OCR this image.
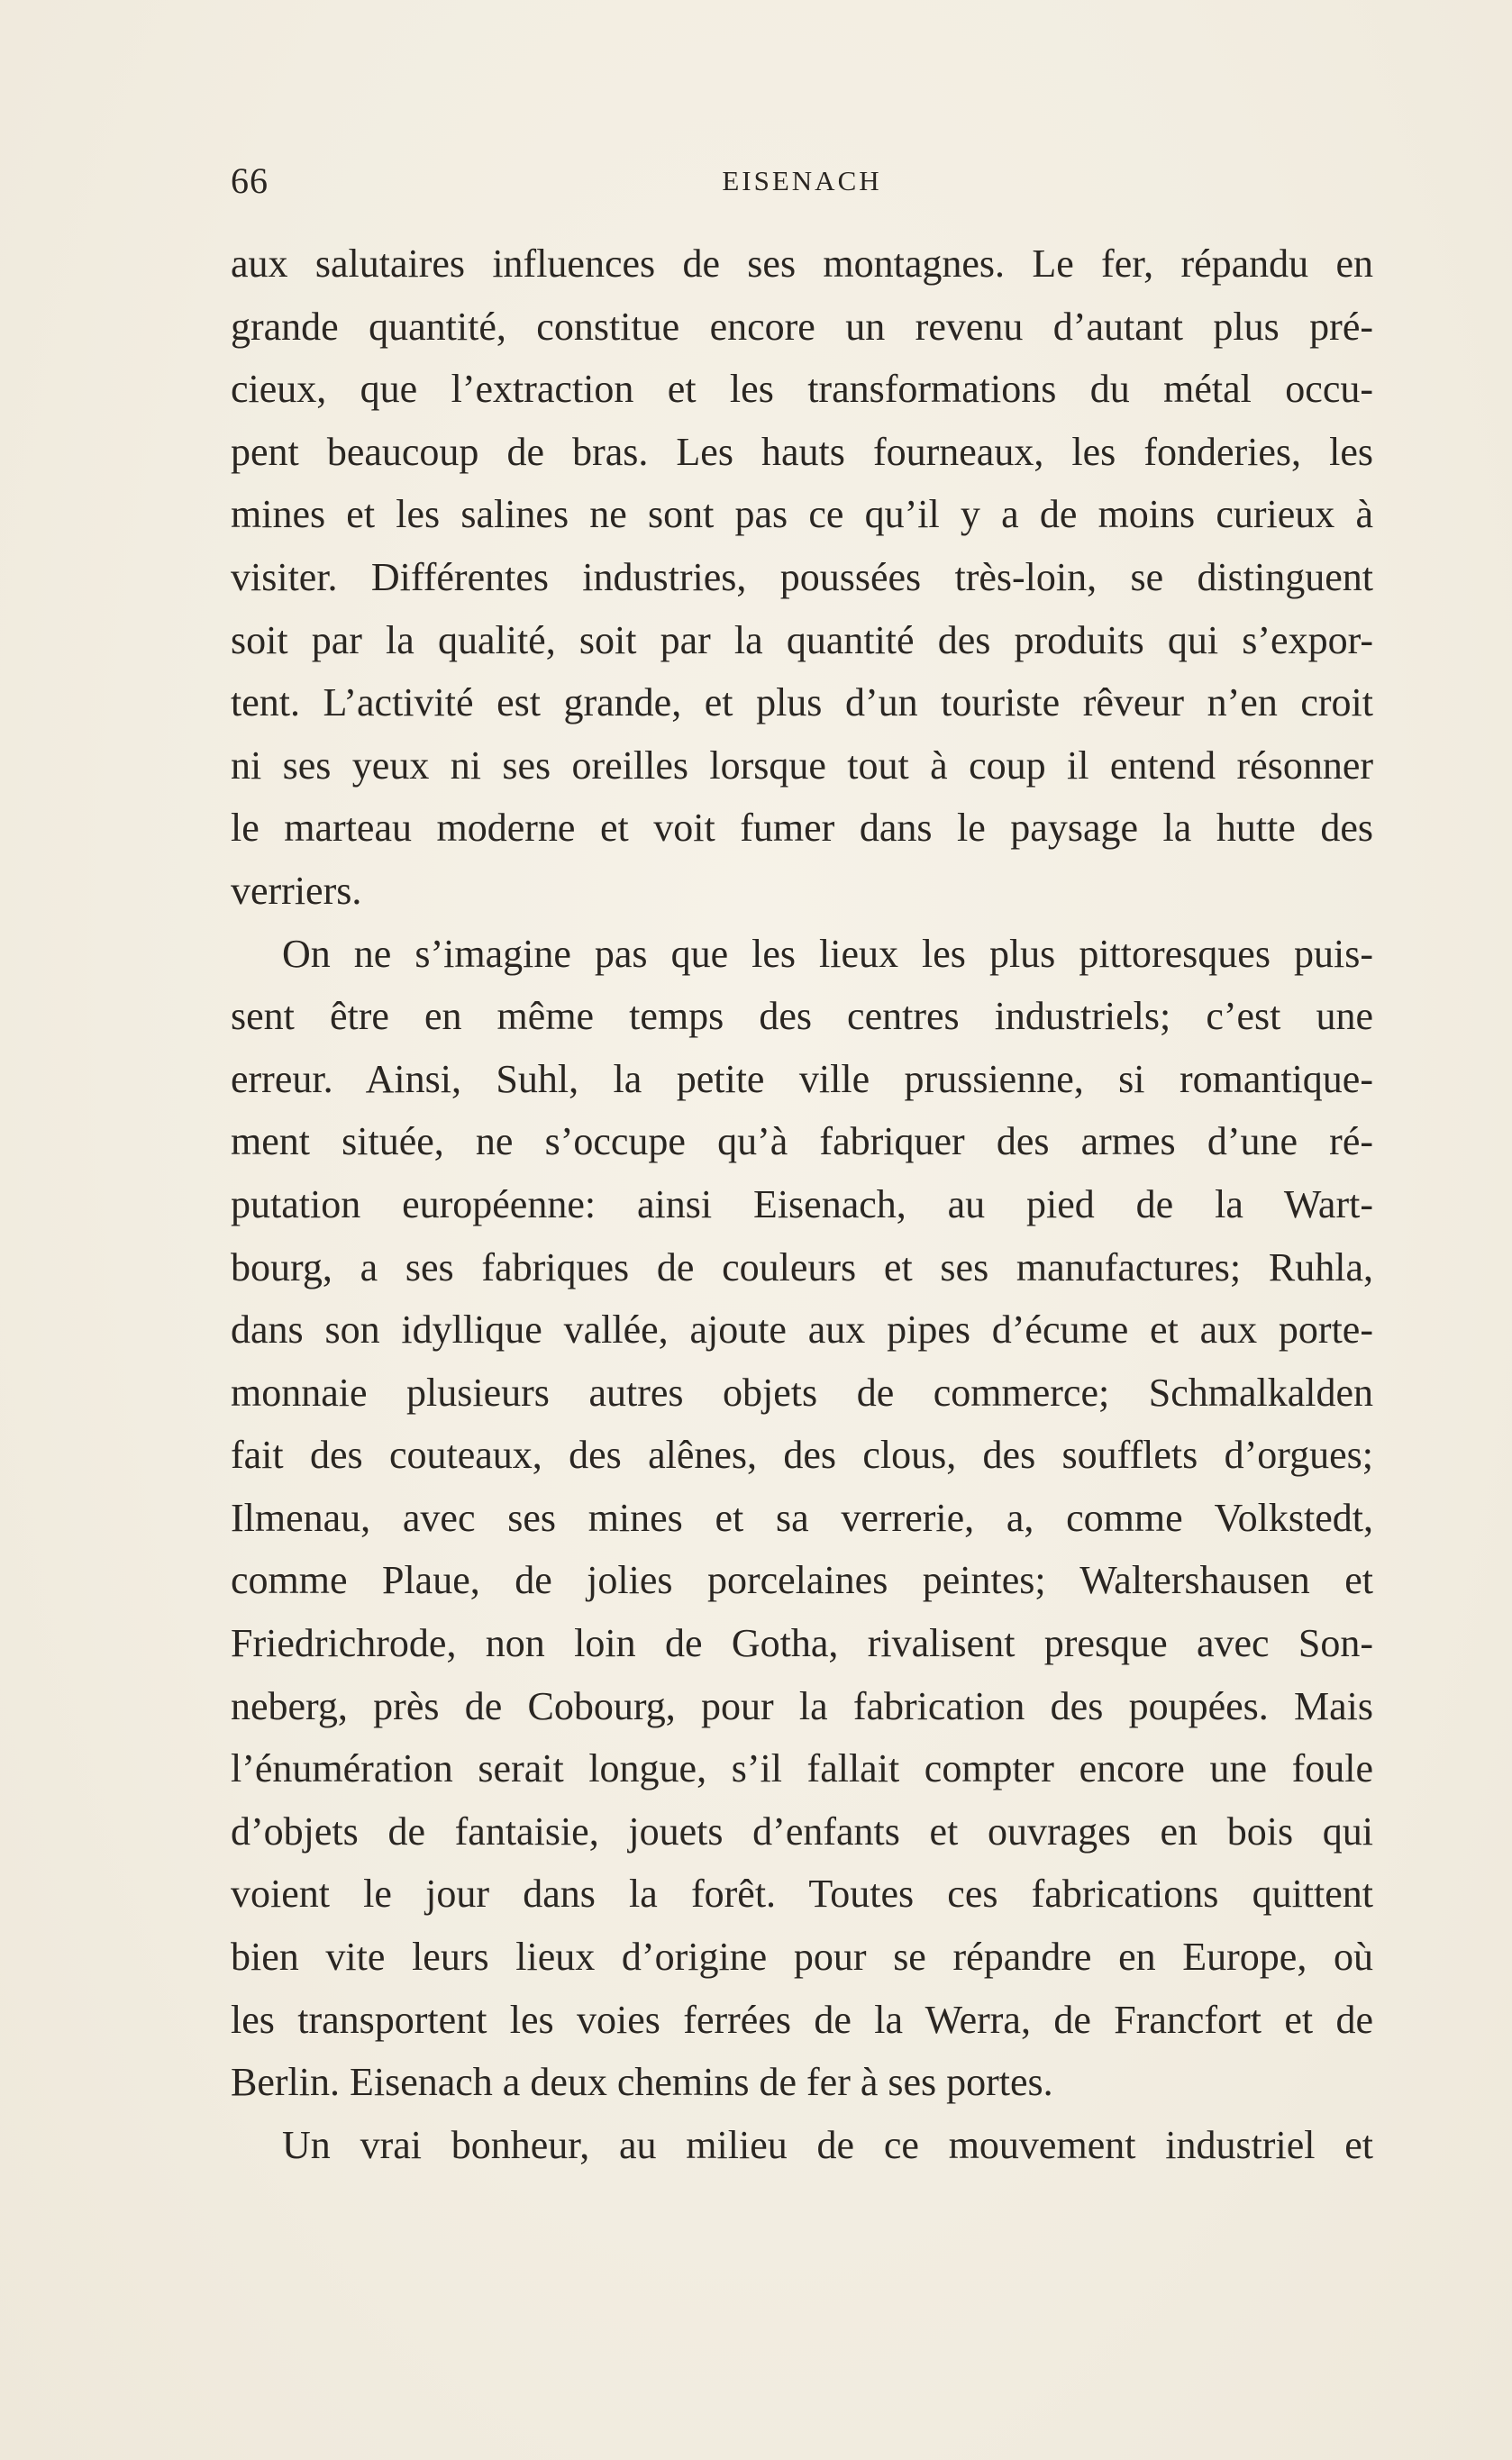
66	EISENACH
aux salutaires influences de ses montagnes. Le fer, répandu en
grande quantité, constitue encore un revenu d’autant plus pré-
cieux, que l’extraction et les transformations du métal occu-
pent beaucoup de bras. Les hauts fourneaux, les fonderies, les
mines et les salines ne sont pas ce qu’il y a de moins curieux à
visiter. Différentes industries, poussées très-loin, se distinguent
soit par la qualité, soit par la quantité des produits qui s’expor-
tent. L’activité est grande, et plus d’un touriste rêveur n’en croit
ni ses yeux ni ses oreilles lorsque tout à coup il entend résonner
le marteau moderne et voit fumer dans le paysage la hutte des
verriers.
On ne s’imagine pas que les lieux les plus pittoresques puis-
sent être en même temps des centres industriels; c’est une
erreur. Ainsi, Suhl, la petite ville prussienne, si romantique-
ment située, ne s’occupe qu’à fabriquer des armes d’une ré-
putation européenne: ainsi Eisenach, au pied de la Wart-
bourg, a ses fabriques de couleurs et ses manufactures; Ruhla,
dans son idyllique vallée, ajoute aux pipes d’écume et aux porte-
monnaie plusieurs autres objets de commerce; Schmalkalden
fait des couteaux, des alênes, des clous, des soufflets d’orgues;
Ilmenau, avec ses mines et sa verrerie, a, comme Volkstedt,
comme Plaue, de jolies porcelaines peintes; Waltershausen et
Friedrichrode, non loin de Gotha, rivalisent presque avec Son-
neberg, près de Cobourg, pour la fabrication des poupées. Mais
l’énumération serait longue, s’il fallait compter encore une foule
d’objets de fantaisie, jouets d’enfants et ouvrages en bois qui
voient le jour dans la forêt. Toutes ces fabrications quittent
bien vite leurs lieux d’origine pour se répandre en Europe, où
les transportent les voies ferrées de la Werra, de Francfort et de
Berlin. Eisenach a deux chemins de fer à ses portes.
Un vrai bonheur, au milieu de ce mouvement industriel et
